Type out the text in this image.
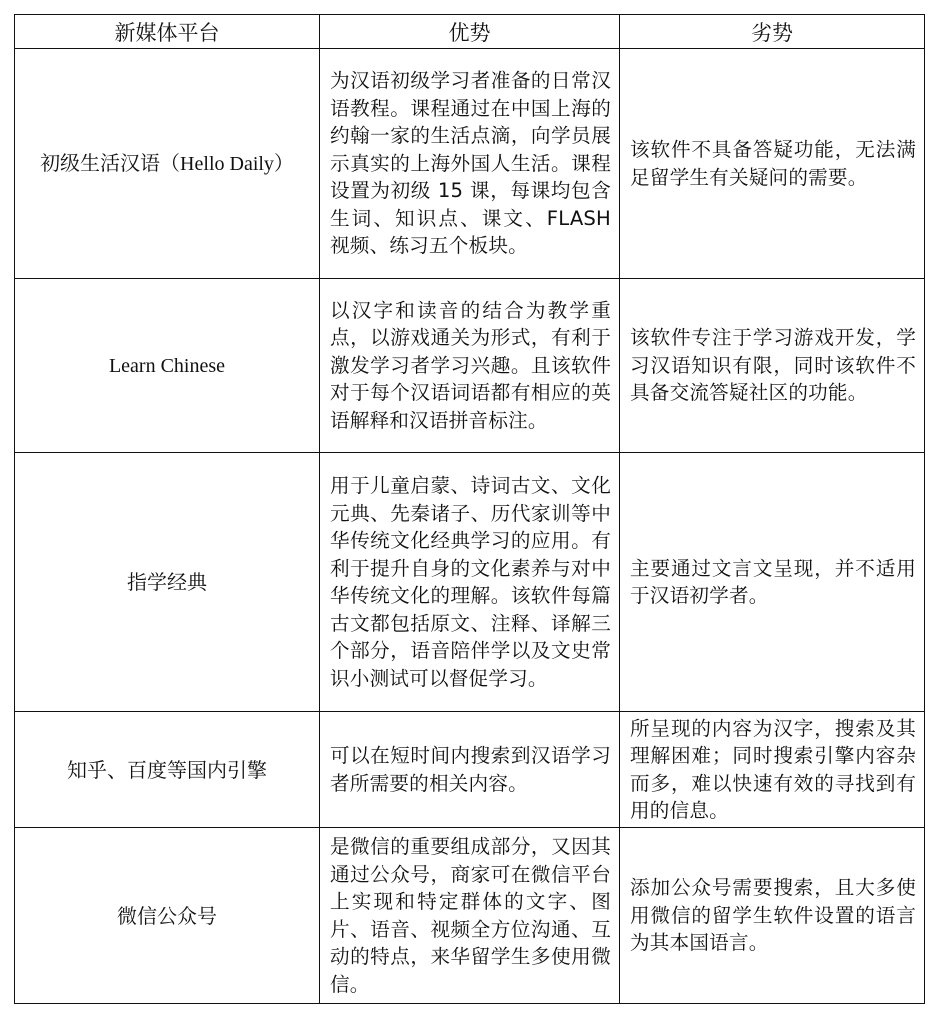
新媒体平台	优势	劣势
初级生活汉语（Hello Daily）	为汉语初级学习者准备的日常汉语教程。课程通过在中国上海的约翰一家的生活点滴，向学员展示真实的上海外国人生活。课程设置为初级 15 课，每课均包含生词、知识点、课文、FLASH 视频、练习五个板块。	该软件不具备答疑功能，无法满足留学生有关疑问的需要。
Learn Chinese	以汉字和读音的结合为教学重点，以游戏通关为形式，有利于激发学习者学习兴趣。且该软件对于每个汉语词语都有相应的英语解释和汉语拼音标注。	该软件专注于学习游戏开发，学习汉语知识有限，同时该软件不具备交流答疑社区的功能。
指学经典	用于儿童启蒙、诗词古文、文化元典、先秦诸子、历代家训等中华传统文化经典学习的应用。有利于提升自身的文化素养与对中华传统文化的理解。该软件每篇古文都包括原文、注释、译解三个部分，语音陪伴学以及文史常识小测试可以督促学习。	主要通过文言文呈现，并不适用于汉语初学者。
知乎、百度等国内引擎	可以在短时间内搜索到汉语学习者所需要的相关内容。	所呈现的内容为汉字，搜索及其理解困难；同时搜索引擎内容杂而多，难以快速有效的寻找到有用的信息。
微信公众号	是微信的重要组成部分，又因其通过公众号，商家可在微信平台上实现和特定群体的文字、图片、语音、视频全方位沟通、互动的特点，来华留学生多使用微信。	添加公众号需要搜索，且大多使用微信的留学生软件设置的语言为其本国语言。
